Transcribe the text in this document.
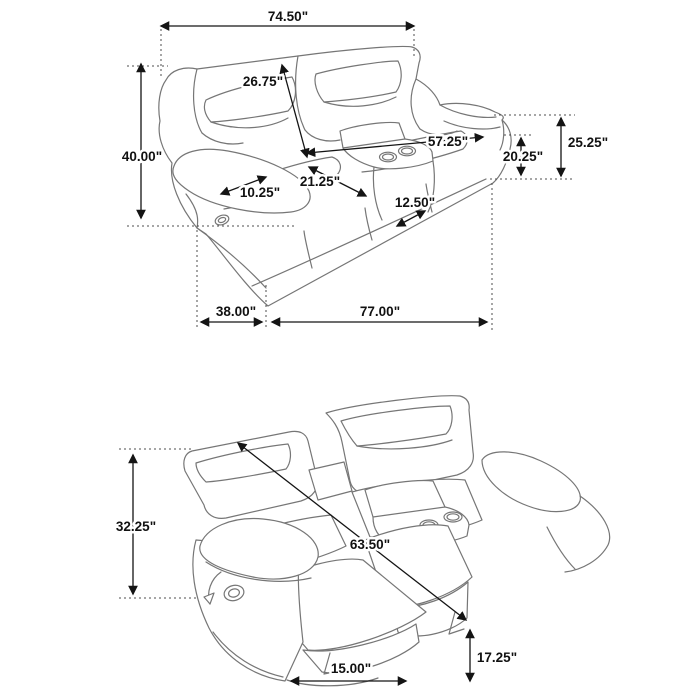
74.50"
26.75"
40.00"
57.25"	25.25"
20.25"
10.25"
21.25"
12.50"
38.00"	77.00"
32.25"
63.50"
15.00"
17.25"
